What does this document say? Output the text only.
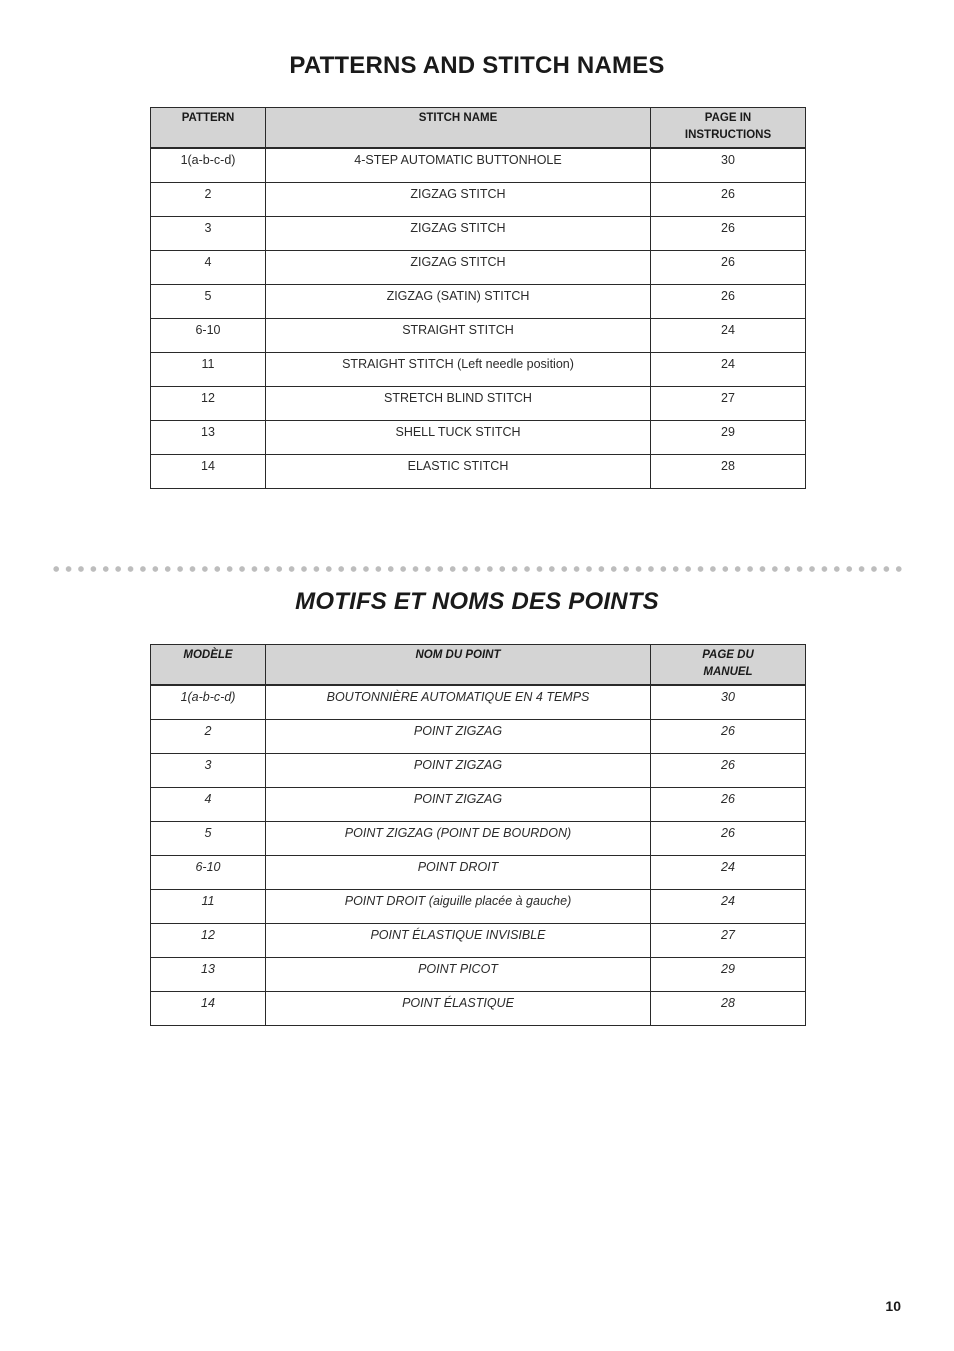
PATTERNS AND STITCH NAMES
PATTERN	STITCH NAME	PAGE IN
INSTRUCTIONS
1(a-b-c-d)	4-STEP AUTOMATIC BUTTONHOLE	30
2	ZIGZAG STITCH	26
3	ZIGZAG STITCH	26
4	ZIGZAG STITCH	26
5	ZIGZAG (SATIN) STITCH	26
6-10	STRAIGHT STITCH	24
11	STRAIGHT STITCH (Left needle position)	24
12	STRETCH BLIND STITCH	27
13	SHELL TUCK STITCH	29
14	ELASTIC STITCH	28
MOTIFS ET NOMS DES POINTS
MODÈLE	NOM DU POINT	PAGE DU
MANUEL
1(a-b-c-d)	BOUTONNIÈRE AUTOMATIQUE EN 4 TEMPS	30
2	POINT ZIGZAG	26
3	POINT ZIGZAG	26
4	POINT ZIGZAG	26
5	POINT ZIGZAG (POINT DE BOURDON)	26
6-10	POINT DROIT	24
11	POINT DROIT (aiguille placée à gauche)	24
12	POINT ÉLASTIQUE INVISIBLE	27
13	POINT PICOT	29
14	POINT ÉLASTIQUE	28
10
